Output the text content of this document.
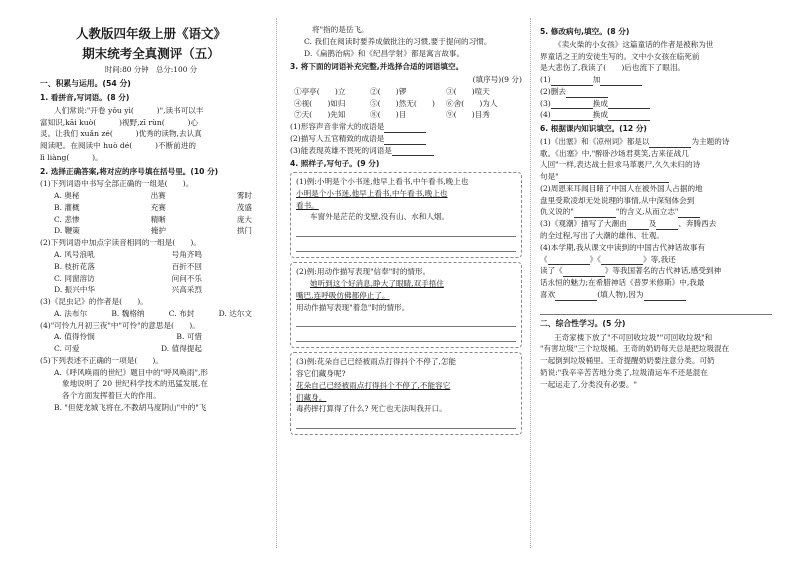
人教版四年级上册《语文》

期末统考全真测评（五）

时间:80 分钟　总分:100 分

一、积累与运用。(54 分)

1. 看拼音,写词语。(8 分)

人们常说:"开卷 yǒu yì(　　　)",读书可以丰

富知识,kāi kuò(　　　)视野,zī rùn(　　　)心

灵。让我们 xuǎn zé(　　　)优秀的读物,去认真

阅读吧。在阅读中 huò dé(　　　)不断前进的

lì liàng(　　　)。

2. 选择正确答案,将对应的序号填在括号里。(10 分)

(1)下列词语中书写全部正确的一组是(　　)。

A. 奥秘	出赛	雾时
B. 灌概	充赛	茂盛
C. 悲惨	精晰	庞大
D. 鞭策	掩护	拱门

(2)下列词语中加点字读音相同的一组是(　　)。

A. 风号浪吼	号角齐鸣
B. 枝折花落	百折不回
C. 同窗溶访	问问不乐
D. 振兴中华	兴高采烈

(3)《昆虫记》的作者是(　　)。

A. 法布尔	B. 魏格纳	C. 布封	D. 达尔文

(4)"可怜九月初三夜"中"可怜"的意思是(　　)。

A. 值得怜悯	B. 可惜
C. 可爱	D. 值得提起

(5)下列表述不正确的一项是(　　)。

A.《呼风唤雨的世纪》题目中的"呼风唤雨",形

象地说明了 20 世纪科学技术的迅猛发展,在

各个方面发挥着巨大的作用。

B. "但使龙城飞将在,不教胡马度阴山"中的"飞

将"指的是岳飞。

C. 我们在阅读时要养成做批注的习惯,要于提问的习惯。

D.《扁鹊治病》和《纪昌学射》都是寓言故事。

3. 将下面的词语补充完整,并选择合适的词语填空。

(填序号)(9 分)

①亭亭(　　)立	②(　　)锣	③(　　)喧天
④视(　　)如归	⑤(　　)然无(　　)	⑥舍(　　)为人
⑦天(　　)先知	⑧(　　)目	⑨(　　)目秀

(1)形容声音非常大的成语是

(2)描写人五官精致的成语是

(3)能表现英雄不畏死的词语是

4. 照样子,写句子。(9 分)

(1)例:小明是个小书迷,他早上看书,中午看书,晚上也

小明是个小书迷,他早上看书,中午看书,晚上也

看书。

车窗外是茫茫的戈壁,没有山、水和人烟。

(2)例:用动作描写表现"信奉"时的情形。

她听到这个好消息,睁大了眼睛,双手捂住

嘴巴,连呼吸仿佛都停止了。

用动作描写表现"着急"时的情形。

(3)例:花朵自己已经被雨点打得抖个不停了,怎能

容它们藏身呢?

花朵自己已经被雨点打得抖个不停了,不能容它

们藏身。

毒药摔打算得了什么? 死亡也无法叫我开口。

5. 修改病句,填空。(8 分)

《卖火柴的小女孩》这篇童话的作者是被称为世

界童话之王的安徒生写的。文中小女孩在临死前

是大悲伤了,我读了(　　)后也流下了眼泪。

(1)	加

(2)删去

(3)	换成

(4)	换成

6. 根据课内知识填空。(12 分)

(1)《出塞》和《凉州词》都是以	为主题的诗

歌。《出塞》中,"醉卧沙场君莫笑,古来征战几

人回"一样,表达战士但求马革裹尸,久久未归的诗

句是"

(2)周恩来耳闻目睹了中国人在被外国人占据的地

盘里受欺凌却无处说理的事情,从中深刻体会到

仇义说的"	"的含义,从而立志"

(3)《观潮》描写了大潮由	及	、奔腾西去

的全过程,写出了大潮的雄伟、壮观。

(4)本学期,我从课文中读到的中国古代神话故事有

《	》《	》等,我还

读了《	》等我国著名的古代神话,感受到神

话永恒的魅力;在希腊神话《普罗米修斯》中,我最

喜欢	(填人物),因为

二、综合性学习。(5 分)

王奇家楼下放了"不可回收垃圾""可回收垃圾"和

"有害垃圾"三个垃圾桶。王奇的奶奶每天总是把垃圾混在

一起倒到垃圾桶里。王奇提醒奶奶要注意分类。可奶

奶说:"我辛辛苦苦地分类了,垃圾清运车不还是混在

一起运走了,分类没有必要。"
